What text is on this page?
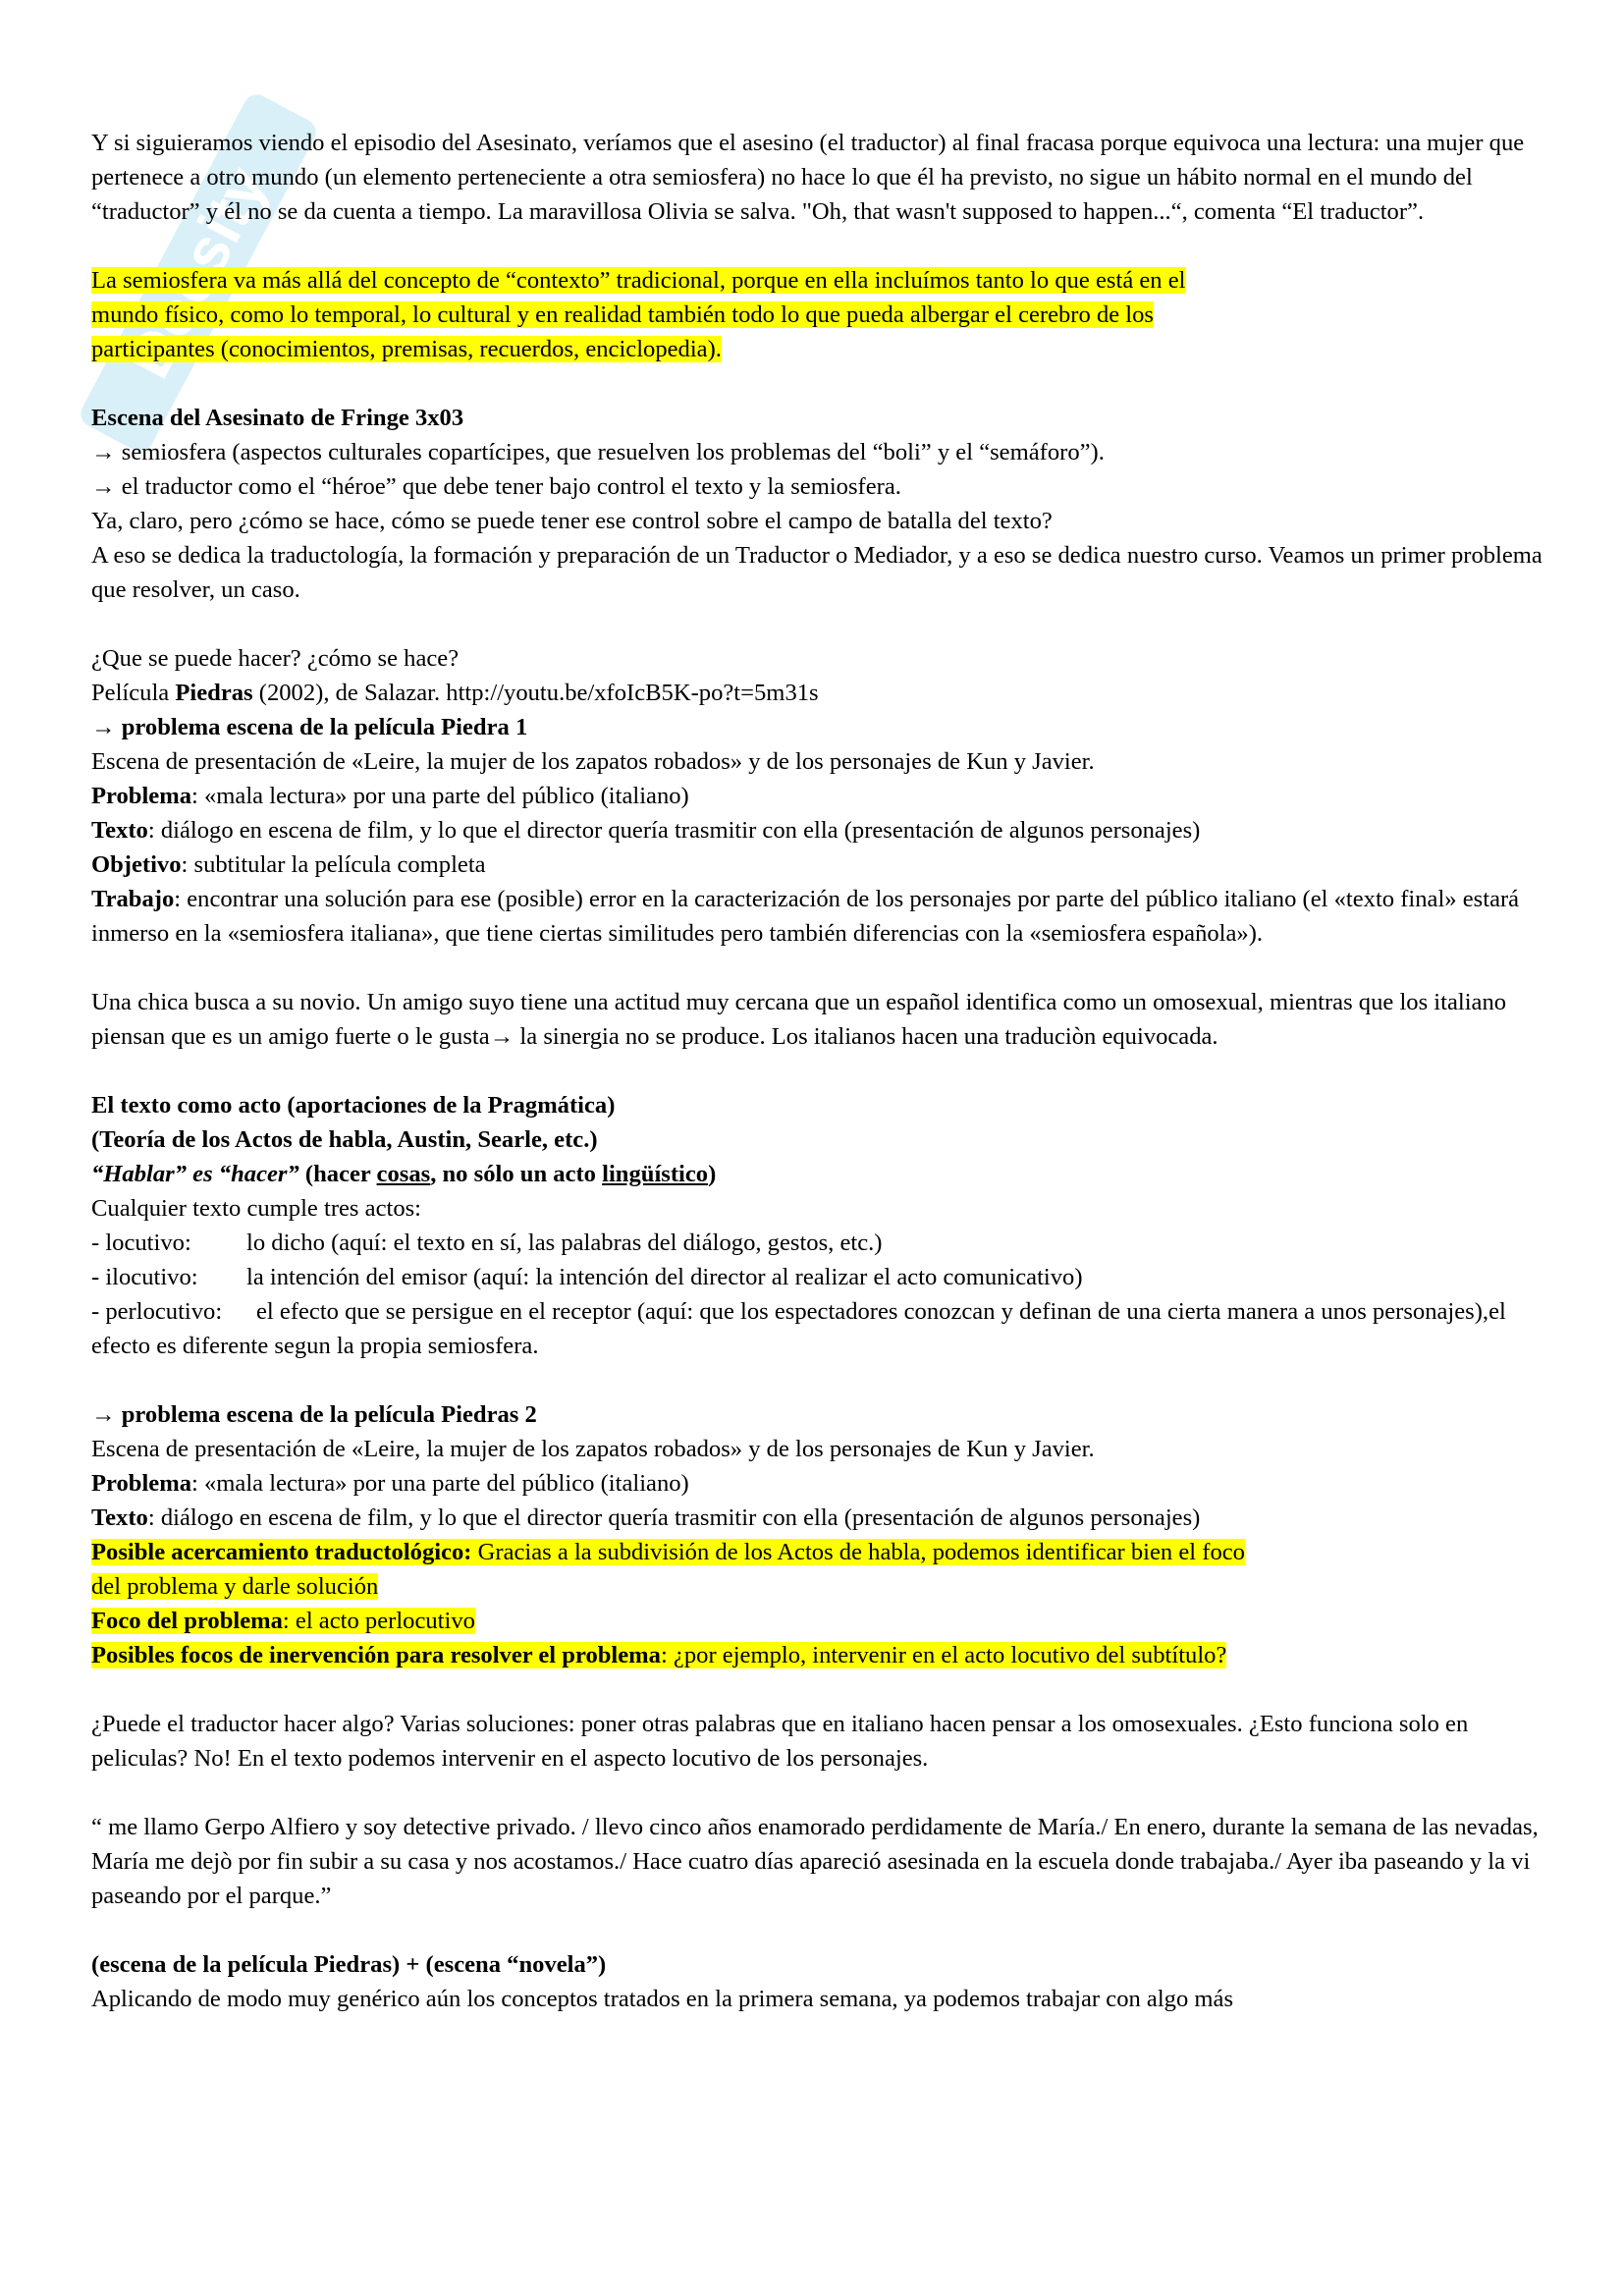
Y si siguieramos viendo el episodio del Asesinato, veríamos que el asesino (el traductor) al final fracasa porque equivoca una lectura: una mujer que pertenece a otro mundo (un elemento perteneciente a otra semiosfera) no hace lo que él ha previsto, no sigue un hábito normal en el mundo del “traductor” y él no se da cuenta a tiempo. La maravillosa Olivia se salva. "Oh, that wasn't supposed to happen...“, comenta “El traductor”.

La semiosfera va más allá del concepto de “contexto” tradicional, porque en ella incluímos tanto lo que está en el
mundo físico, como lo temporal, lo cultural y en realidad también todo lo que pueda albergar el cerebro de los
participantes (conocimientos, premisas, recuerdos, enciclopedia).

Escena del Asesinato de Fringe 3x03

→ semiosfera (aspectos culturales copartícipes, que resuelven los problemas del “boli” y el “semáforo”).

→ el traductor como el “héroe” que debe tener bajo control el texto y la semiosfera.

Ya, claro, pero ¿cómo se hace, cómo se puede tener ese control sobre el campo de batalla del texto?

A eso se dedica la traductología, la formación y preparación de un Traductor o Mediador, y a eso se dedica nuestro curso. Veamos un primer problema que resolver, un caso.

¿Que se puede hacer? ¿cómo se hace?

Película Piedras (2002), de Salazar. http://youtu.be/xfoIcB5K-po?t=5m31s

→ problema escena de la película Piedra 1

Escena de presentación de «Leire, la mujer de los zapatos robados» y de los personajes de Kun y Javier.

Problema: «mala lectura» por una parte del público (italiano)

Texto: diálogo en escena de film, y lo que el director quería trasmitir con ella (presentación de algunos personajes)

Objetivo: subtitular la película completa

Trabajo: encontrar una solución para ese (posible) error en la caracterización de los personajes por parte del público italiano (el «texto final» estará inmerso en la «semiosfera italiana», que tiene ciertas similitudes pero también diferencias con la «semiosfera española»).

Una chica busca a su novio. Un amigo suyo tiene una actitud muy cercana que un español identifica como un omosexual, mientras que los italiano piensan que es un amigo fuerte o le gusta→ la sinergia no se produce. Los italianos hacen una traduciòn equivocada.

El texto como acto (aportaciones de la Pragmática)

(Teoría de los Actos de habla, Austin, Searle, etc.)

“Hablar” es “hacer” (hacer cosas, no sólo un acto lingüístico)

Cualquier texto cumple tres actos:

- locutivo: lo dicho (aquí: el texto en sí, las palabras del diálogo, gestos, etc.)

- ilocutivo: la intención del emisor (aquí: la intención del director al realizar el acto comunicativo)

- perlocutivo: el efecto que se persigue en el receptor (aquí: que los espectadores conozcan y definan de una cierta manera a unos personajes),el efecto es diferente segun la propia semiosfera.

→ problema escena de la película Piedras 2

Escena de presentación de «Leire, la mujer de los zapatos robados» y de los personajes de Kun y Javier.

Problema: «mala lectura» por una parte del público (italiano)

Texto: diálogo en escena de film, y lo que el director quería trasmitir con ella (presentación de algunos personajes)

Posible acercamiento traductológico: Gracias a la subdivisión de los Actos de habla, podemos identificar bien el foco
del problema y darle solución

Foco del problema: el acto perlocutivo

Posibles focos de inervención para resolver el problema: ¿por ejemplo, intervenir en el acto locutivo del subtítulo?

¿Puede el traductor hacer algo? Varias soluciones: poner otras palabras que en italiano hacen pensar a los omosexuales. ¿Esto funciona solo en peliculas? No! En el texto podemos intervenir en el aspecto locutivo de los personajes.

“ me llamo Gerpo Alfiero y soy detective privado. / llevo cinco años enamorado perdidamente de María./ En enero, durante la semana de las nevadas, María me dejò por fin subir a su casa y nos acostamos./ Hace cuatro días apareció asesinada en la escuela donde trabajaba./ Ayer iba paseando y la vi paseando por el parque.”

(escena de la película Piedras) + (escena “novela”)

Aplicando de modo muy genérico aún los conceptos tratados en la primera semana, ya podemos trabajar con algo más
